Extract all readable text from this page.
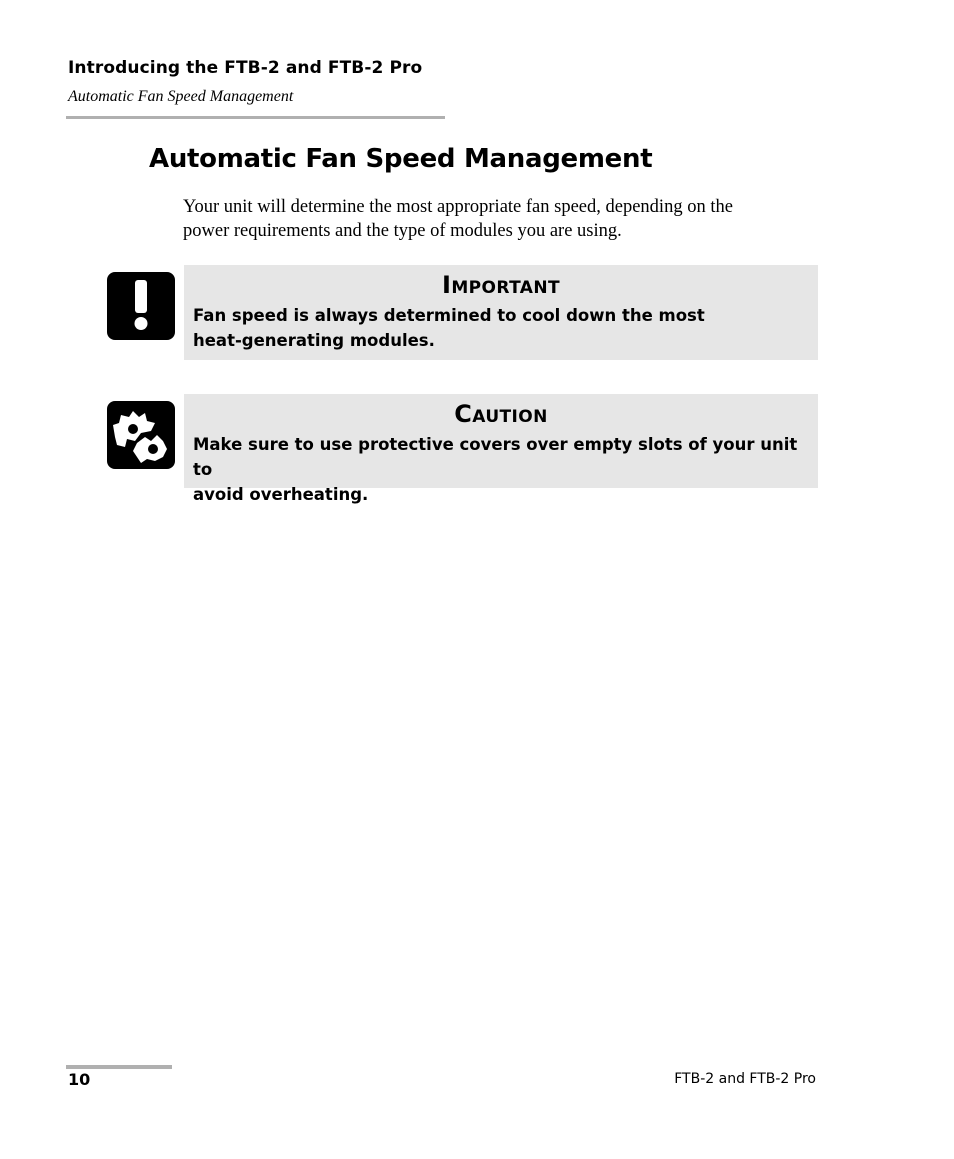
Introducing the FTB-2 and FTB-2 Pro
Automatic Fan Speed Management
Automatic Fan Speed Management
Your unit will determine the most appropriate fan speed, depending on the
power requirements and the type of modules you are using.
Important
Fan speed is always determined to cool down the most
heat-generating modules.
Caution
Make sure to use protective covers over empty slots of your unit to
avoid overheating.
10	FTB-2 and FTB-2 Pro
